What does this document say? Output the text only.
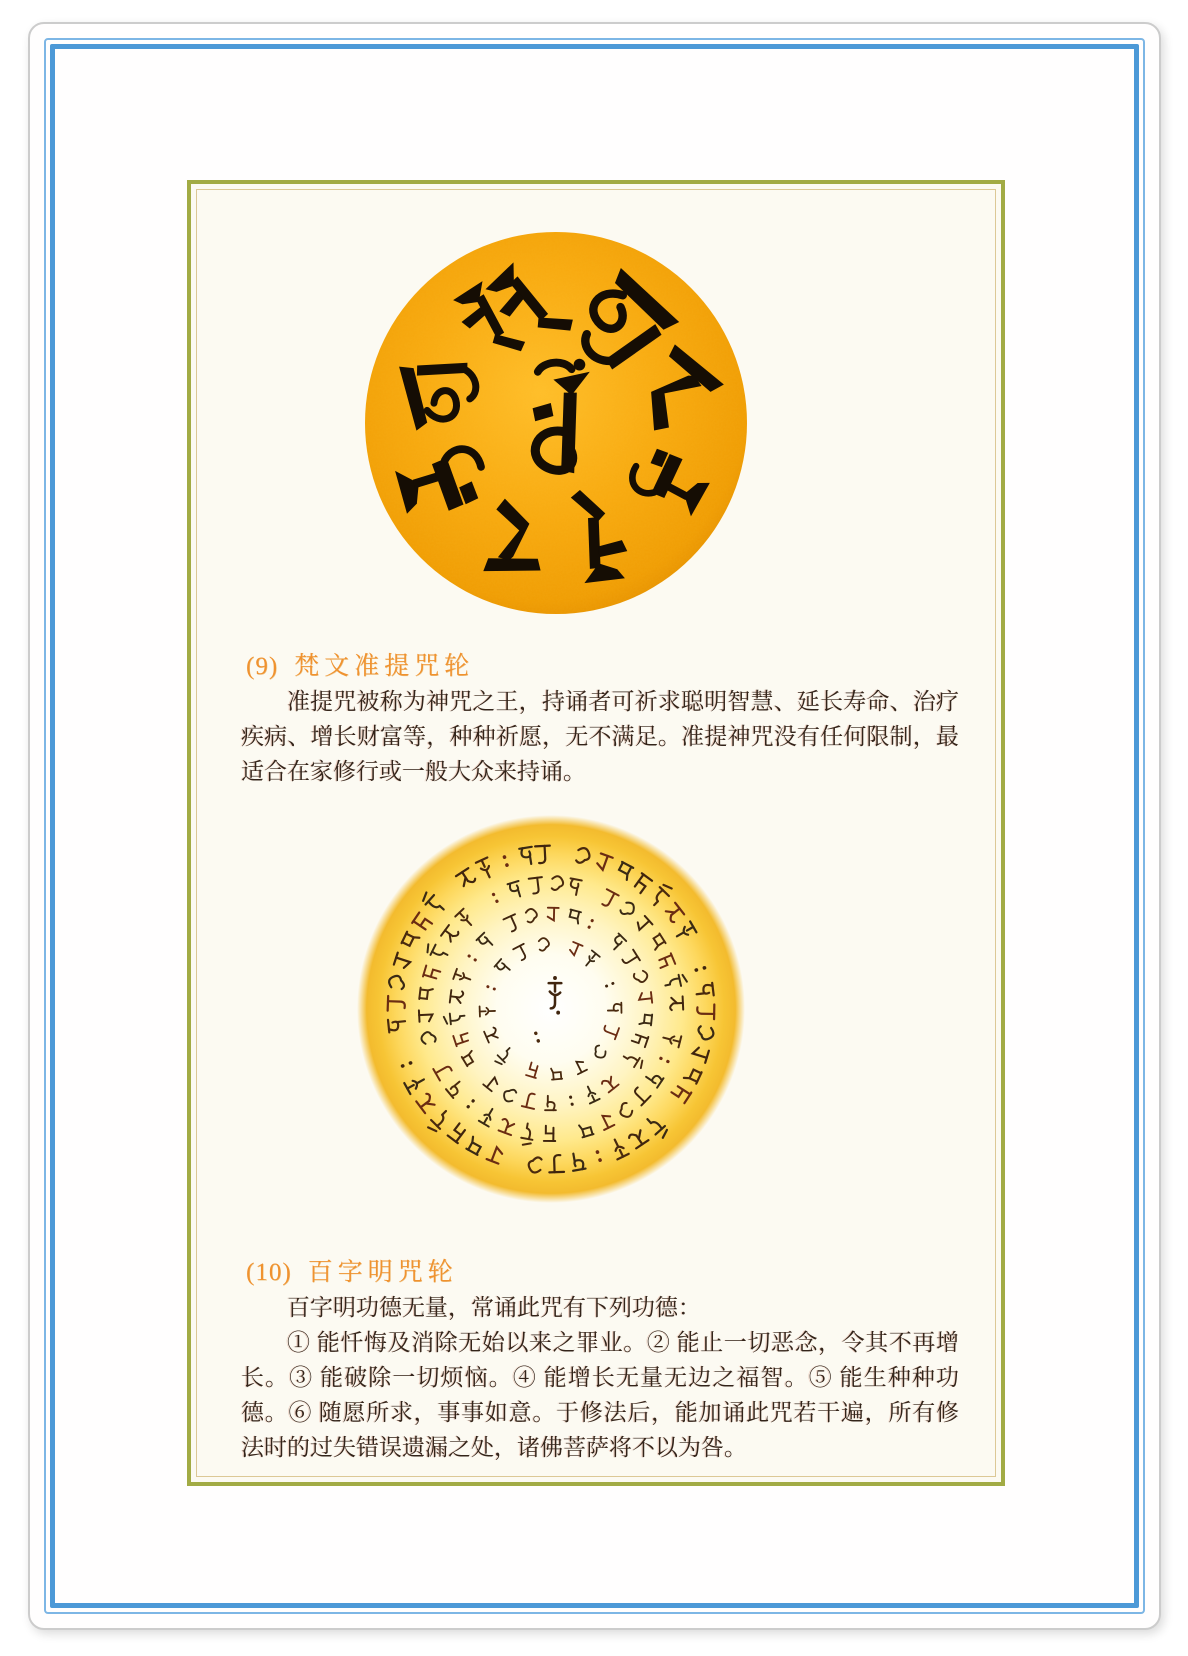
(9) 梵文准提咒轮

准提咒被称为神咒之王，持诵者可祈求聪明智慧、延长寿命、治疗疾病、增长财富等，种种祈愿，无不满足。准提神咒没有任何限制，最适合在家修行或一般大众来持诵。

(10) 百字明咒轮

百字明功德无量，常诵此咒有下列功德：

① 能忏悔及消除无始以来之罪业。② 能止一切恶念，令其不再增长。③ 能破除一切烦恼。④ 能增长无量无边之福智。⑤ 能生种种功德。⑥ 随愿所求，事事如意。于修法后，能加诵此咒若干遍，所有修法时的过失错误遗漏之处，诸佛菩萨将不以为咎。
